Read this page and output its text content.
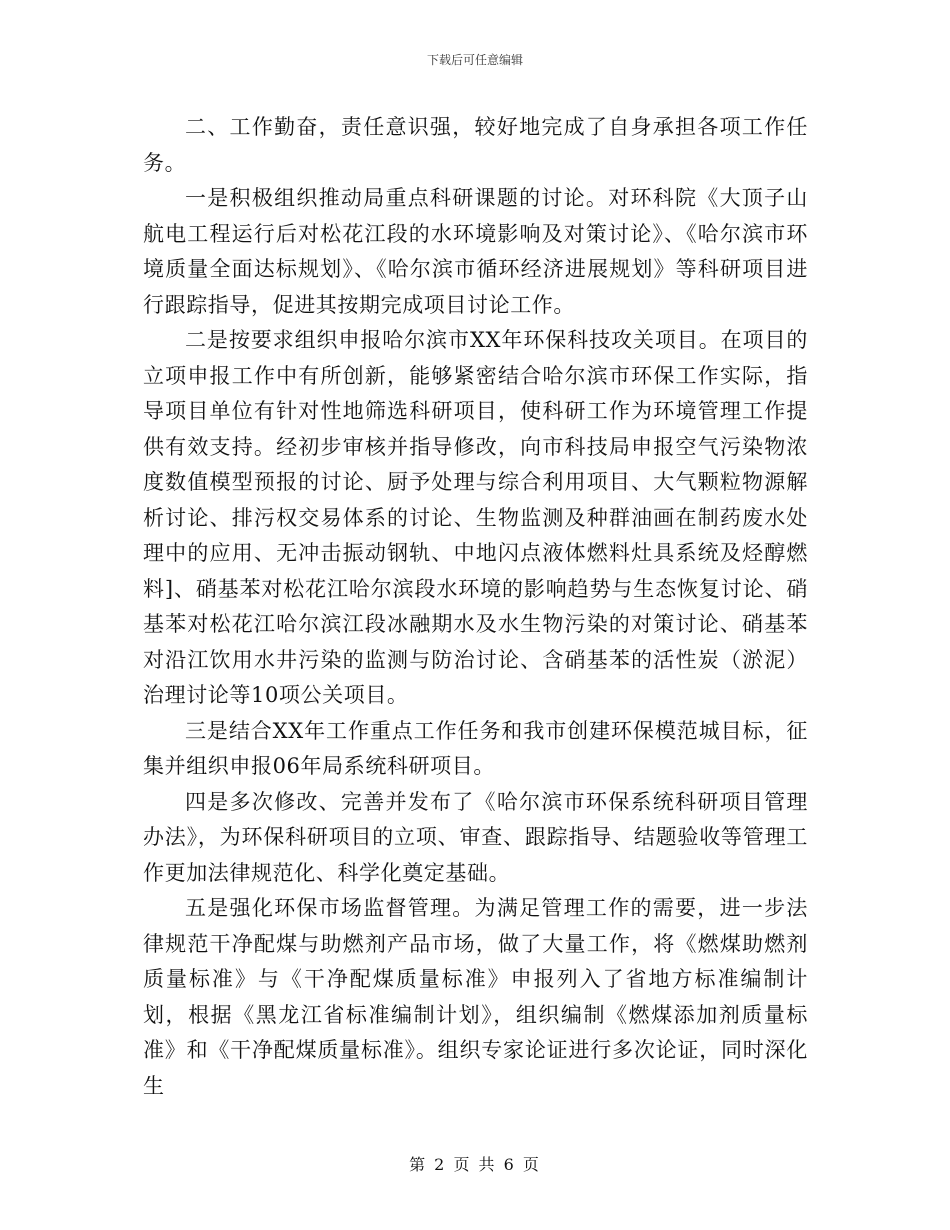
下载后可任意编辑

二、工作勤奋，责任意识强，较好地完成了自身承担各项工作任务。

一是积极组织推动局重点科研课题的讨论。对环科院《大顶子山航电工程运行后对松花江段的水环境影响及对策讨论》、《哈尔滨市环境质量全面达标规划》、《哈尔滨市循环经济进展规划》等科研项目进行跟踪指导，促进其按期完成项目讨论工作。

二是按要求组织申报哈尔滨市XX年环保科技攻关项目。在项目的立项申报工作中有所创新，能够紧密结合哈尔滨市环保工作实际，指导项目单位有针对性地筛选科研项目，使科研工作为环境管理工作提供有效支持。经初步审核并指导修改，向市科技局申报空气污染物浓度数值模型预报的讨论、厨予处理与综合利用项目、大气颗粒物源解析讨论、排污权交易体系的讨论、生物监测及种群油画在制药废水处理中的应用、无冲击振动钢轨、中地闪点液体燃料灶具系统及烃醇燃料]、硝基苯对松花江哈尔滨段水环境的影响趋势与生态恢复讨论、硝基苯对松花江哈尔滨江段冰融期水及水生物污染的对策讨论、硝基苯对沿江饮用水井污染的监测与防治讨论、含硝基苯的活性炭（淤泥）治理讨论等10项公关项目。

三是结合XX年工作重点工作任务和我市创建环保模范城目标，征集并组织申报06年局系统科研项目。

四是多次修改、完善并发布了《哈尔滨市环保系统科研项目管理办法》，为环保科研项目的立项、审查、跟踪指导、结题验收等管理工作更加法律规范化、科学化奠定基础。

五是强化环保市场监督管理。为满足管理工作的需要，进一步法律规范干净配煤与助燃剂产品市场，做了大量工作，将《燃煤助燃剂质量标准》与《干净配煤质量标准》申报列入了省地方标准编制计划，根据《黑龙江省标准编制计划》，组织编制《燃煤添加剂质量标准》和《干净配煤质量标准》。组织专家论证进行多次论证，同时深化生

第 2 页 共 6 页
